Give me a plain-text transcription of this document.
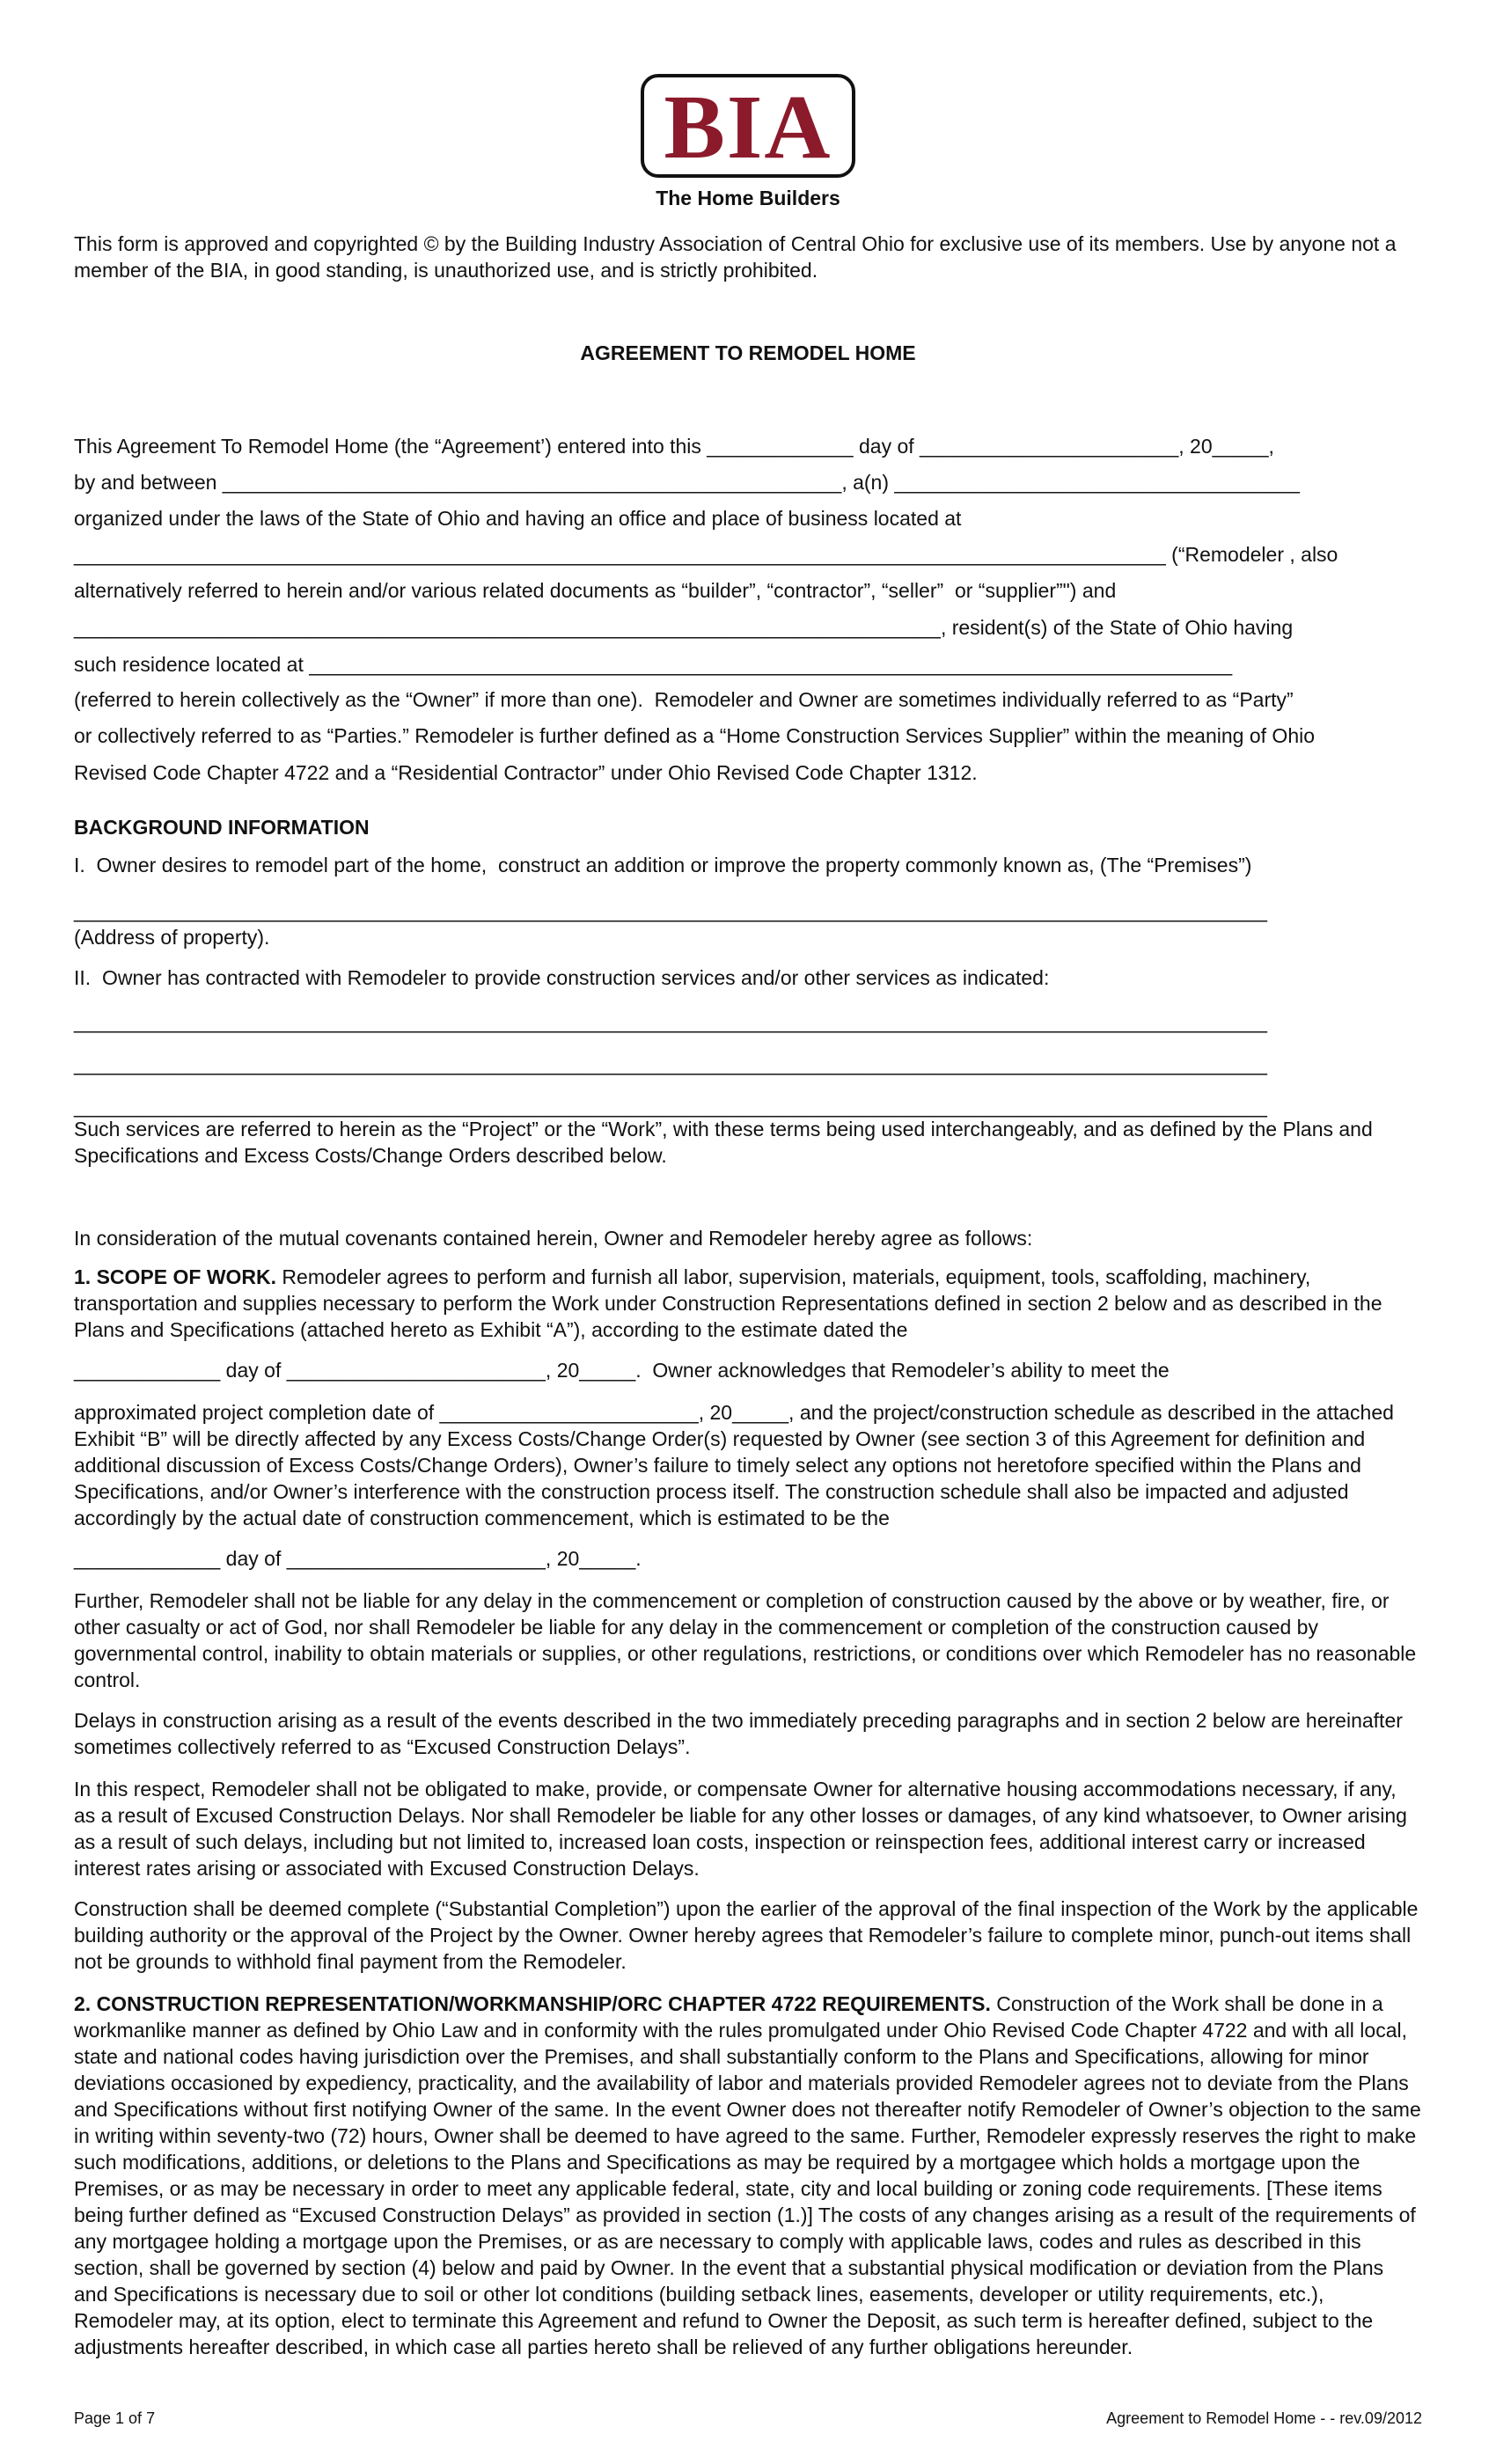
BIA
The Home Builders
This form is approved and copyrighted © by the Building Industry Association of Central Ohio for exclusive use of its members. Use by anyone not a member of the BIA, in good standing, is unauthorized use, and is strictly prohibited.
AGREEMENT TO REMODEL HOME
This Agreement To Remodel Home (the “Agreement’) entered into this _____________ day of _______________________, 20_____,
by and between _______________________________________________________, a(n) ____________________________________
organized under the laws of the State of Ohio and having an office and place of business located at
_________________________________________________________________________________________________ (“Remodeler , also
alternatively referred to herein and/or various related documents as “builder”, “contractor”, “seller”  or “supplier”") and
_____________________________________________________________________________, resident(s) of the State of Ohio having
such residence located at __________________________________________________________________________________
(referred to herein collectively as the “Owner” if more than one).  Remodeler and Owner are sometimes individually referred to as “Party”
or collectively referred to as “Parties.” Remodeler is further defined as a “Home Construction Services Supplier” within the meaning of Ohio
Revised Code Chapter 4722 and a “Residential Contractor” under Ohio Revised Code Chapter 1312.
BACKGROUND INFORMATION
I.  Owner desires to remodel part of the home,  construct an addition or improve the property commonly known as, (The “Premises”)
__________________________________________________________________________________________________________
(Address of property).
II.  Owner has contracted with Remodeler to provide construction services and/or other services as indicated:
__________________________________________________________________________________________________________
__________________________________________________________________________________________________________
__________________________________________________________________________________________________________
Such services are referred to herein as the “Project” or the “Work”, with these terms being used interchangeably, and as defined by the Plans and Specifications and Excess Costs/Change Orders described below.
In consideration of the mutual covenants contained herein, Owner and Remodeler hereby agree as follows:
1. SCOPE OF WORK. Remodeler agrees to perform and furnish all labor, supervision, materials, equipment, tools, scaffolding, machinery, transportation and supplies necessary to perform the Work under Construction Representations defined in section 2 below and as described in the Plans and Specifications (attached hereto as Exhibit “A”), according to the estimate dated the
_____________ day of _______________________, 20_____.  Owner acknowledges that Remodeler’s ability to meet the
approximated project completion date of _______________________, 20_____, and the project/construction schedule as described in the attached Exhibit “B” will be directly affected by any Excess Costs/Change Order(s) requested by Owner (see section 3 of this Agreement for definition and additional discussion of Excess Costs/Change Orders), Owner’s failure to timely select any options not heretofore specified within the Plans and Specifications, and/or Owner’s interference with the construction process itself. The construction schedule shall also be impacted and adjusted accordingly by the actual date of construction commencement, which is estimated to be the
_____________ day of _______________________, 20_____.
Further, Remodeler shall not be liable for any delay in the commencement or completion of construction caused by the above or by weather, fire, or other casualty or act of God, nor shall Remodeler be liable for any delay in the commencement or completion of the construction caused by governmental control, inability to obtain materials or supplies, or other regulations, restrictions, or conditions over which Remodeler has no reasonable control.
Delays in construction arising as a result of the events described in the two immediately preceding paragraphs and in section 2 below are hereinafter sometimes collectively referred to as “Excused Construction Delays”.
In this respect, Remodeler shall not be obligated to make, provide, or compensate Owner for alternative housing accommodations necessary, if any, as a result of Excused Construction Delays. Nor shall Remodeler be liable for any other losses or damages, of any kind whatsoever, to Owner arising as a result of such delays, including but not limited to, increased loan costs, inspection or reinspection fees, additional interest carry or increased interest rates arising or associated with Excused Construction Delays.
Construction shall be deemed complete (“Substantial Completion”) upon the earlier of the approval of the final inspection of the Work by the applicable building authority or the approval of the Project by the Owner. Owner hereby agrees that Remodeler’s failure to complete minor, punch-out items shall not be grounds to withhold final payment from the Remodeler.
2. CONSTRUCTION REPRESENTATION/WORKMANSHIP/ORC CHAPTER 4722 REQUIREMENTS. Construction of the Work shall be done in a workmanlike manner as defined by Ohio Law and in conformity with the rules promulgated under Ohio Revised Code Chapter 4722 and with all local, state and national codes having jurisdiction over the Premises, and shall substantially conform to the Plans and Specifications, allowing for minor deviations occasioned by expediency, practicality, and the availability of labor and materials provided Remodeler agrees not to deviate from the Plans and Specifications without first notifying Owner of the same. In the event Owner does not thereafter notify Remodeler of Owner’s objection to the same in writing within seventy-two (72) hours, Owner shall be deemed to have agreed to the same. Further, Remodeler expressly reserves the right to make such modifications, additions, or deletions to the Plans and Specifications as may be required by a mortgagee which holds a mortgage upon the Premises, or as may be necessary in order to meet any applicable federal, state, city and local building or zoning code requirements. [These items being further defined as “Excused Construction Delays” as provided in section (1.)] The costs of any changes arising as a result of the requirements of any mortgagee holding a mortgage upon the Premises, or as are necessary to comply with applicable laws, codes and rules as described in this section, shall be governed by section (4) below and paid by Owner. In the event that a substantial physical modification or deviation from the Plans and Specifications is necessary due to soil or other lot conditions (building setback lines, easements, developer or utility requirements, etc.), Remodeler may, at its option, elect to terminate this Agreement and refund to Owner the Deposit, as such term is hereafter defined, subject to the adjustments hereafter described, in which case all parties hereto shall be relieved of any further obligations hereunder.
Page 1 of 7	Agreement to Remodel Home - - rev.09/2012
